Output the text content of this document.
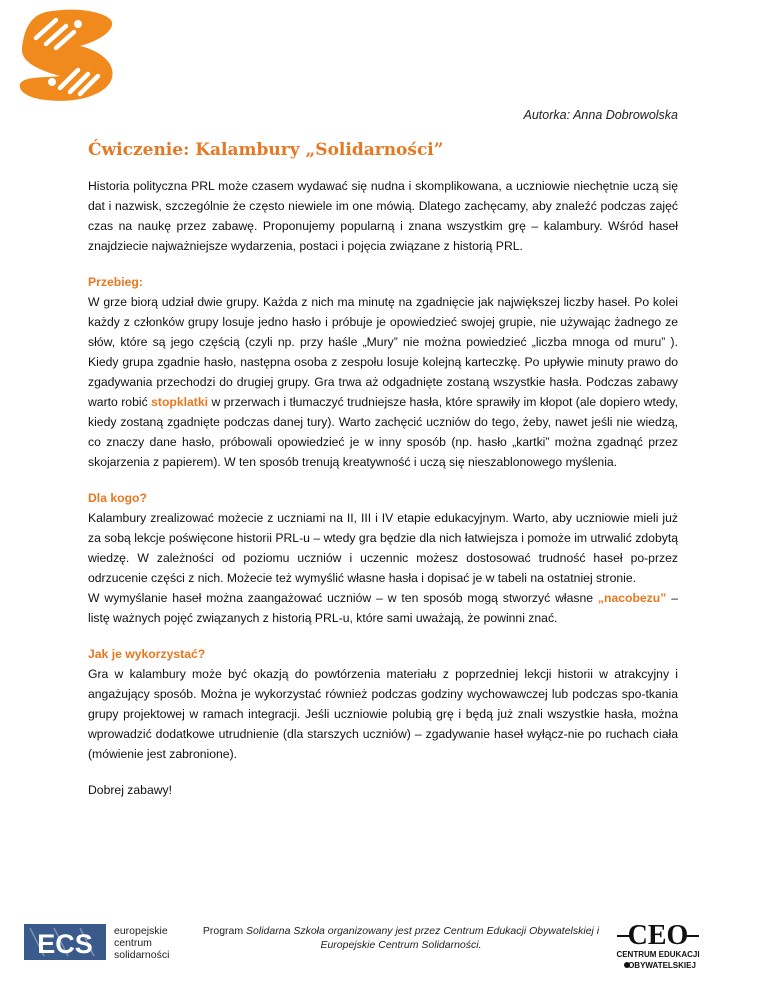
Autorka: Anna Dobrowolska
Ćwiczenie: Kalambury „Solidarności”

Historia polityczna PRL może czasem wydawać się nudna i skomplikowana, a uczniowie niechętnie uczą się dat i nazwisk, szczególnie że często niewiele im one mówią. Dlatego zachęcamy, aby znaleźć podczas zajęć czas na naukę przez zabawę. Proponujemy popularną i znana wszystkim grę – kalambury. Wśród haseł znajdziecie najważniejsze wydarzenia, postaci i pojęcia związane z historią PRL.

Przebieg:

W grze biorą udział dwie grupy. Każda z nich ma minutę na zgadnięcie jak największej liczby haseł. Po kolei każdy z członków grupy losuje jedno hasło i próbuje je opowiedzieć swojej grupie, nie używając żadnego ze słów, które są jego częścią (czyli np. przy haśle „Mury” nie można powiedzieć „liczba mnoga od muru” ). Kiedy grupa zgadnie hasło, następna osoba z zespołu losuje kolejną karteczkę. Po upływie minuty prawo do zgadywania przechodzi do drugiej grupy. Gra trwa aż odgadnięte zostaną wszystkie hasła. Podczas zabawy warto robić stopklatki w przerwach i tłumaczyć trudniejsze hasła, które sprawiły im kłopot (ale dopiero wtedy, kiedy zostaną zgadnięte podczas danej tury). Warto zachęcić uczniów do tego, żeby, nawet jeśli nie wiedzą, co znaczy dane hasło, próbowali opowiedzieć je w inny sposób (np. hasło „kartki” można zgadnąć przez skojarzenia z papierem). W ten sposób trenują kreatywność i uczą się nieszablonowego myślenia.

Dla kogo?

Kalambury zrealizować możecie z uczniami na II, III i IV etapie edukacyjnym. Warto, aby uczniowie mieli już za sobą lekcje poświęcone historii PRL-u – wtedy gra będzie dla nich łatwiejsza i pomoże im utrwalić zdobytą wiedzę. W zależności od poziomu uczniów i uczennic możesz dostosować trudność haseł po-przez odrzucenie części z nich. Możecie też wymyślić własne hasła i dopisać je w tabeli na ostatniej stronie.

W wymyślanie haseł można zaangażować uczniów – w ten sposób mogą stworzyć własne „nacobezu” – listę ważnych pojęć związanych z historią PRL-u, które sami uważają, że powinni znać.

Jak je wykorzystać?

Gra w kalambury może być okazją do powtórzenia materiału z poprzedniej lekcji historii w atrakcyjny i angażujący sposób. Można je wykorzystać również podczas godziny wychowawczej lub podczas spo-tkania grupy projektowej w ramach integracji. Jeśli uczniowie polubią grę i będą już znali wszystkie hasła, można wprowadzić dodatkowe utrudnienie (dla starszych uczniów) – zgadywanie haseł wyłącz-nie po ruchach ciała (mówienie jest zabronione).

Dobrej zabawy!

ECS europejskie
centrum
solidarności
Program Solidarna Szkoła organizowany jest przez Centrum Edukacji Obywatelskiej i Europejskie Centrum Solidarności.	CEO
CENTRUM EDUKACJI
OBYWATELSKIEJ
